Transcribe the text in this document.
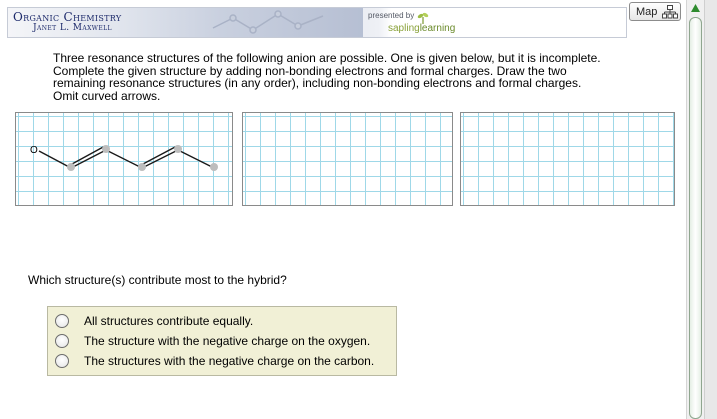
Organic Chemistry
Janet L. Maxwell
presented by
saplinglearning
Map

Three resonance structures of the following anion are possible. One is given below, but it is incomplete.

Complete the given structure by adding non-bonding electrons and formal charges. Draw the two

remaining resonance structures (in any order), including non-bonding electrons and formal charges.

Omit curved arrows.

O
Which structure(s) contribute most to the hybrid?
All structures contribute equally.
The structure with the negative charge on the oxygen.
The structures with the negative charge on the carbon.
